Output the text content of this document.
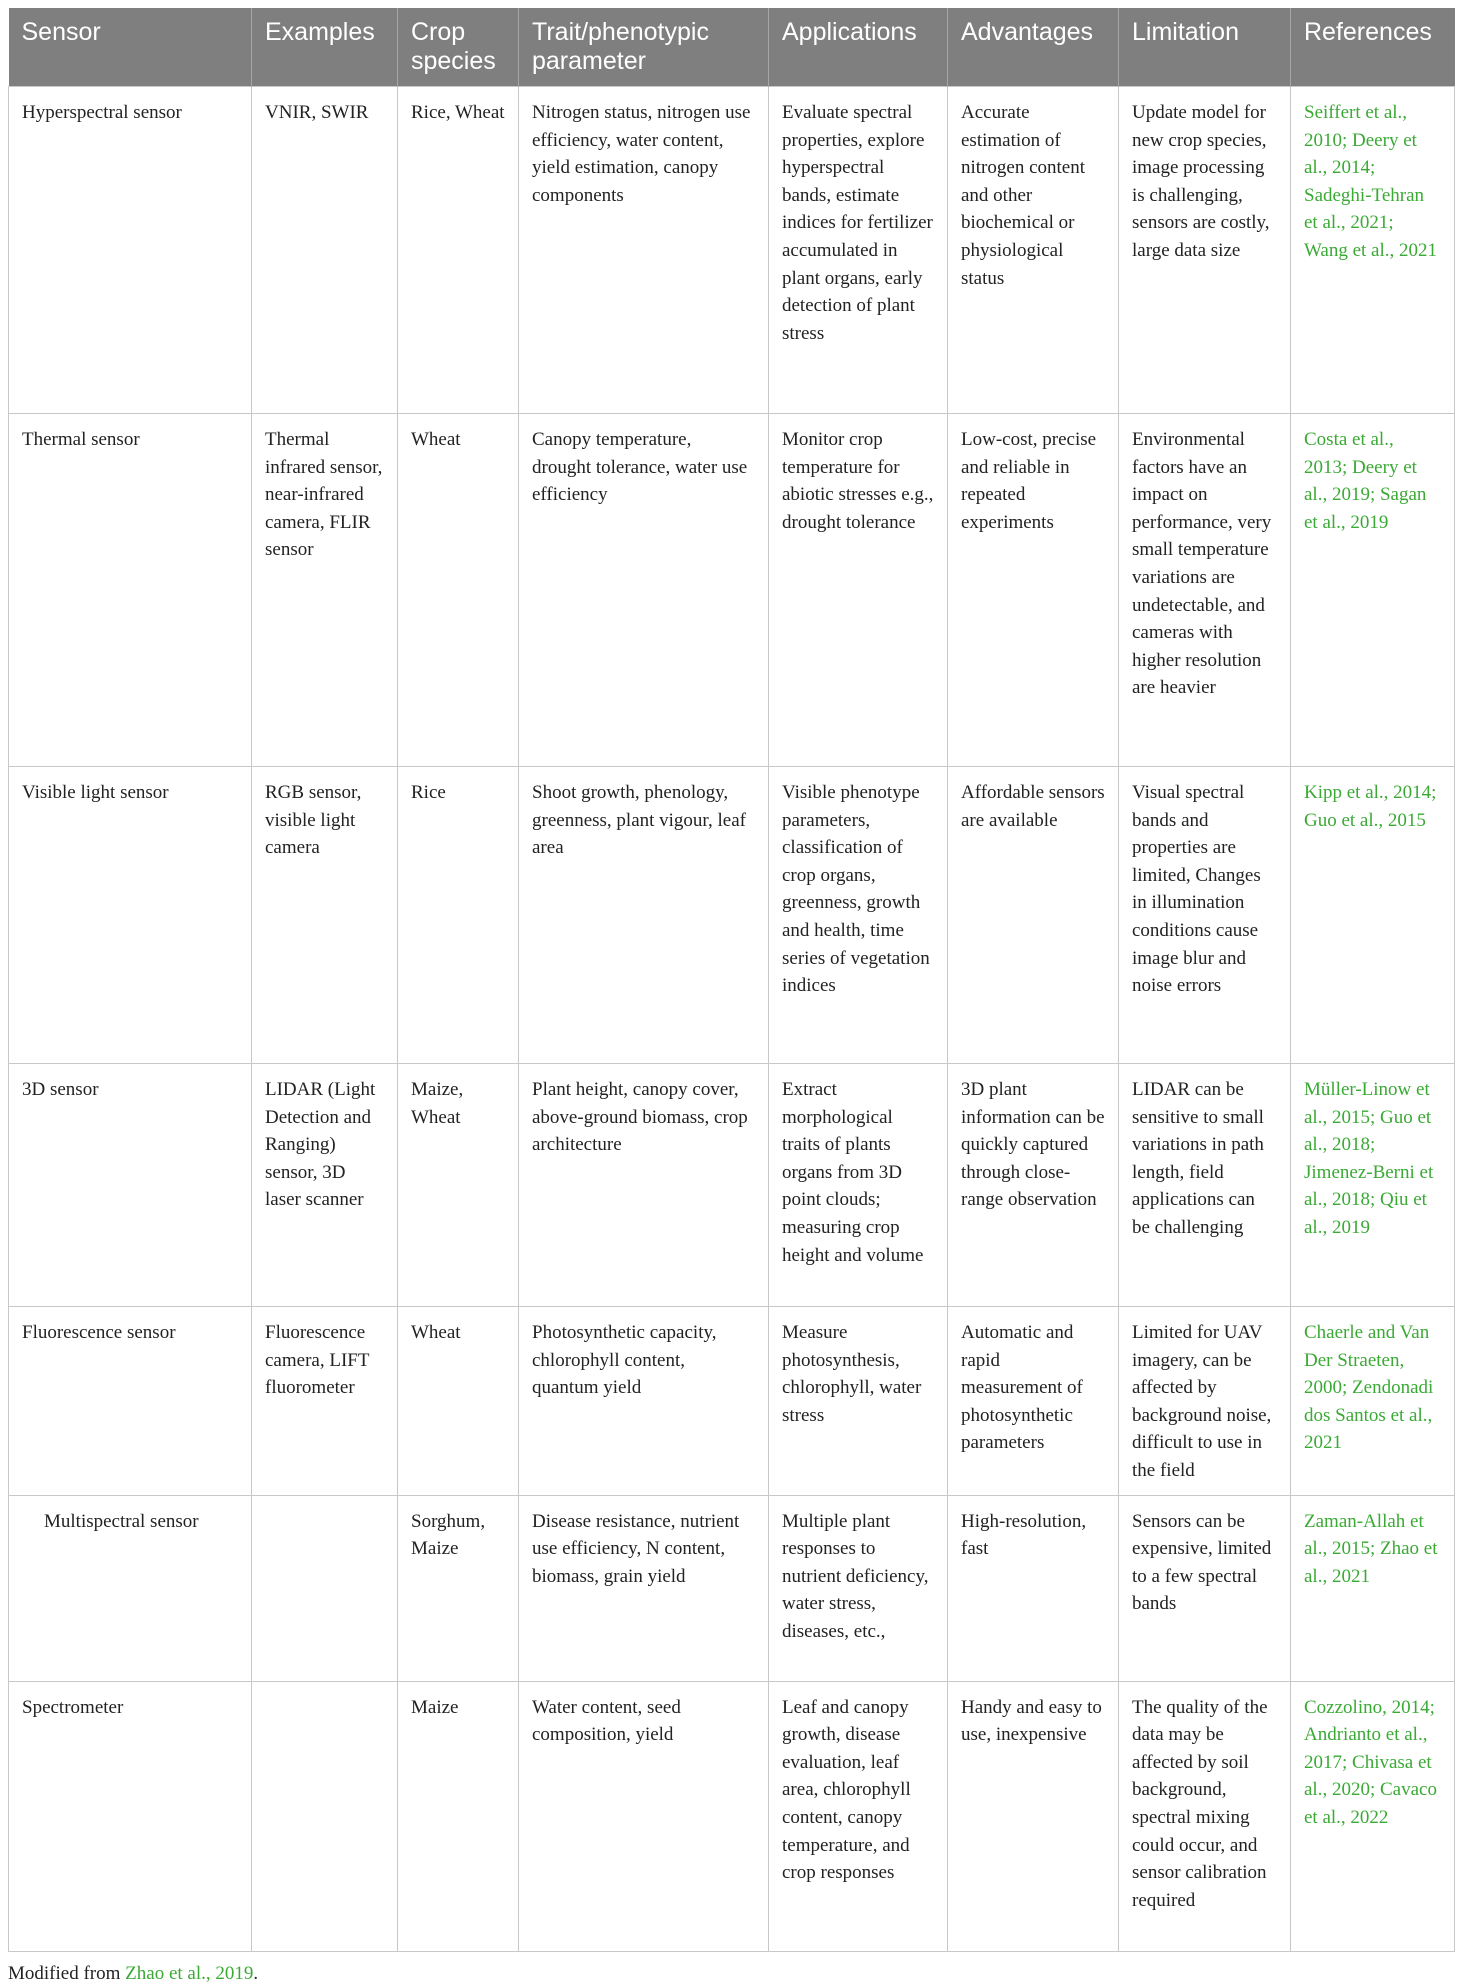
Sensor	Examples	Crop species	Trait/phenotypic parameter	Applications	Advantages	Limitation	References
Hyperspectral sensor	VNIR, SWIR	Rice, Wheat	Nitrogen status, nitrogen use efficiency, water content, yield estimation, canopy components	Evaluate spectral properties, explore hyperspectral bands, estimate indices for fertilizer accumulated in plant organs, early detection of plant stress	Accurate estimation of nitrogen content and other biochemical or physiological status	Update model for new crop species, image processing is challenging, sensors are costly, large data size	Seiffert et al., 2010; Deery et al., 2014; Sadeghi-Tehran et al., 2021; Wang et al., 2021
Thermal sensor	Thermal infrared sensor, near-infrared camera, FLIR sensor	Wheat	Canopy temperature, drought tolerance, water use efficiency	Monitor crop temperature for abiotic stresses e.g., drought tolerance	Low-cost, precise and reliable in repeated experiments	Environmental factors have an impact on performance, very small temperature variations are undetectable, and cameras with higher resolution are heavier	Costa et al., 2013; Deery et al., 2019; Sagan et al., 2019
Visible light sensor	RGB sensor, visible light camera	Rice	Shoot growth, phenology, greenness, plant vigour, leaf area	Visible phenotype parameters, classification of crop organs, greenness, growth and health, time series of vegetation indices	Affordable sensors are available	Visual spectral bands and properties are limited, Changes in illumination conditions cause image blur and noise errors	Kipp et al., 2014; Guo et al., 2015
3D sensor	LIDAR (Light Detection and Ranging) sensor, 3D laser scanner	Maize, Wheat	Plant height, canopy cover, above-ground biomass, crop architecture	Extract morphological traits of plants organs from 3D point clouds; measuring crop height and volume	3D plant information can be quickly captured through close-range observation	LIDAR can be sensitive to small variations in path length, field applications can be challenging	Müller-Linow et al., 2015; Guo et al., 2018; Jimenez-Berni et al., 2018; Qiu et al., 2019
Fluorescence sensor	Fluorescence camera, LIFT fluorometer	Wheat	Photosynthetic capacity, chlorophyll content, quantum yield	Measure photosynthesis, chlorophyll, water stress	Automatic and rapid measurement of photosynthetic parameters	Limited for UAV imagery, can be affected by background noise, difficult to use in the field	Chaerle and Van Der Straeten, 2000; Zendonadi dos Santos et al., 2021
Multispectral sensor		Sorghum, Maize	Disease resistance, nutrient use efficiency, N content, biomass, grain yield	Multiple plant responses to nutrient deficiency, water stress, diseases, etc.,	High-resolution, fast	Sensors can be expensive, limited to a few spectral bands	Zaman-Allah et al., 2015; Zhao et al., 2021
Spectrometer		Maize	Water content, seed composition, yield	Leaf and canopy growth, disease evaluation, leaf area, chlorophyll content, canopy temperature, and crop responses	Handy and easy to use, inexpensive	The quality of the data may be affected by soil background, spectral mixing could occur, and sensor calibration required	Cozzolino, 2014; Andrianto et al., 2017; Chivasa et al., 2020; Cavaco et al., 2022
Modified from Zhao et al., 2019.
